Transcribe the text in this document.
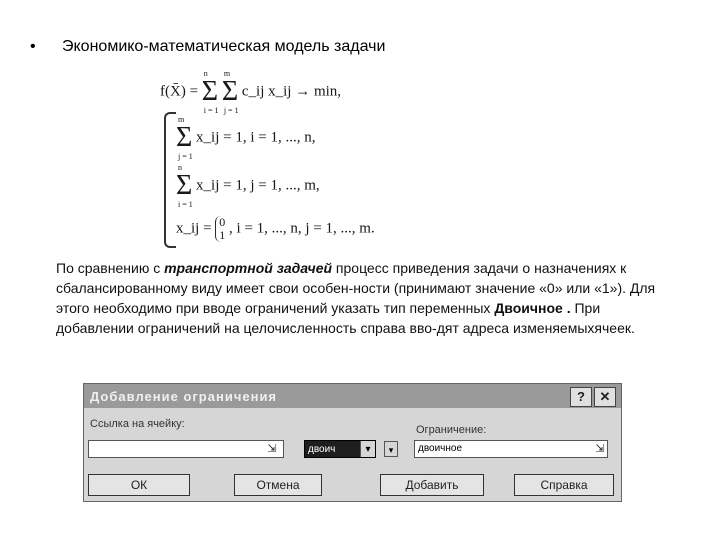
• Экономико-математическая модель задачи
f(X̄) = Σ
n
i = 1
Σ
m
j = 1
c_ij x_ij → min,
Σ
m
j = 1
x_ij = 1, i = 1, ..., n,
Σ
n
i = 1
x_ij = 1, j = 1, ..., m,
x_ij = 0
1 , i = 1, ..., n, j = 1, ..., m.
По сравнению с транспортной задачей процесс приведения задачи о назначениях к сбалансированному виду имеет свои особен-ности (принимают значение «0» или «1»). Для этого необходимо при вводе ограничений указать тип переменных Двоичное . При добавлении ограничений на целочисленность справа вво-дят адреса изменяемыхячеек.
Добавление ограничения	?	✕
Ссылка на ячейку:
⇲	двоич	▾	▾
Ограничение:
двоичное	⇲
ОК	Отмена	Добавить	Справка
